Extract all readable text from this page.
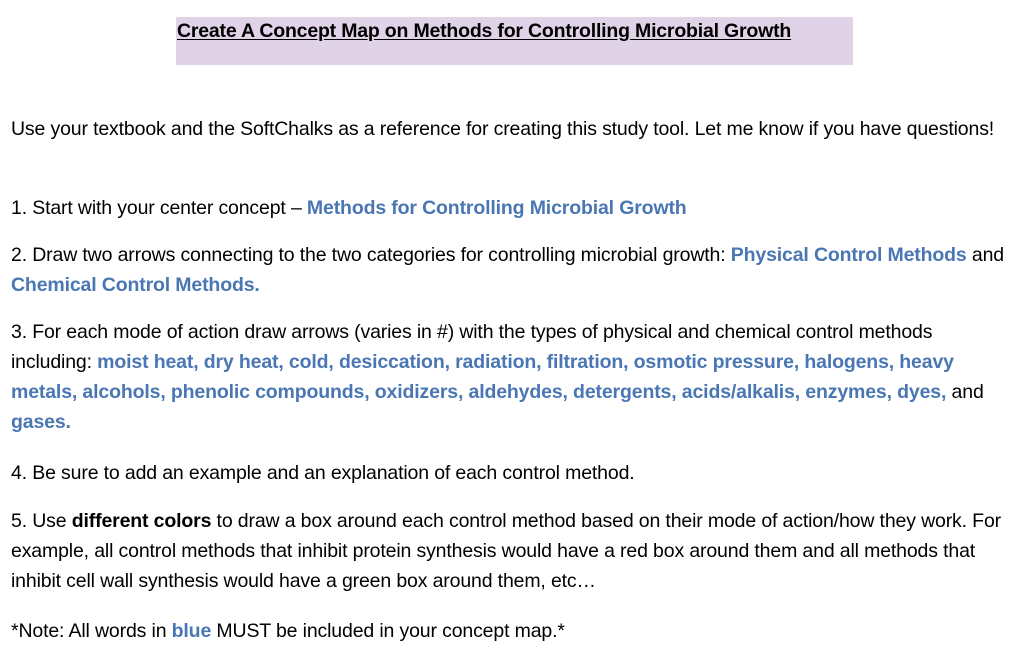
Create A Concept Map on Methods for Controlling Microbial Growth
Use your textbook and the SoftChalks as a reference for creating this study tool. Let me know if you have questions!
1. Start with your center concept – Methods for Controlling Microbial Growth
2. Draw two arrows connecting to the two categories for controlling microbial growth: Physical Control Methods and Chemical Control Methods.
3. For each mode of action draw arrows (varies in #) with the types of physical and chemical control methods including: moist heat, dry heat, cold, desiccation, radiation, filtration, osmotic pressure, halogens, heavy metals, alcohols, phenolic compounds, oxidizers, aldehydes, detergents, acids/alkalis, enzymes, dyes, and gases.
4. Be sure to add an example and an explanation of each control method.
5. Use different colors to draw a box around each control method based on their mode of action/how they work. For example, all control methods that inhibit protein synthesis would have a red box around them and all methods that inhibit cell wall synthesis would have a green box around them, etc…
*Note: All words in blue MUST be included in your concept map.*
